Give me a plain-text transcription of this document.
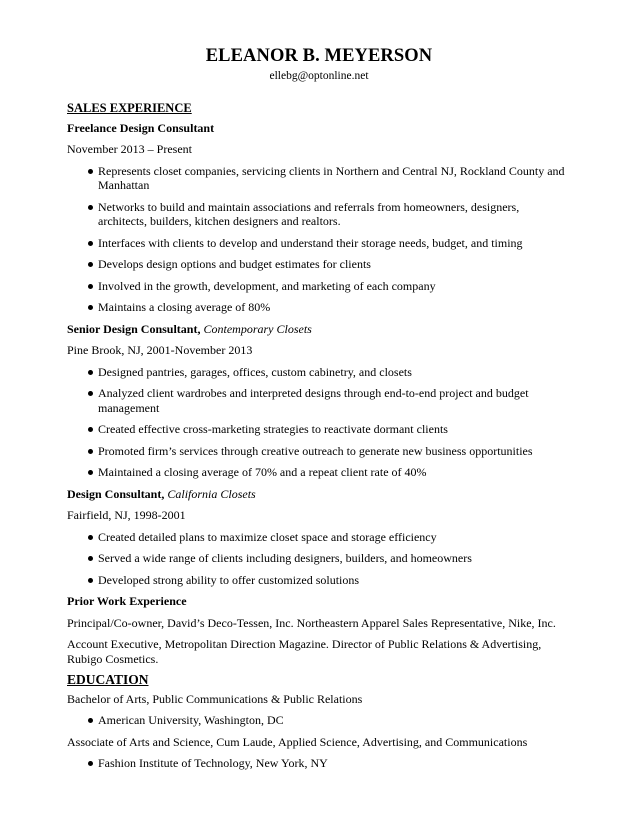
ELEANOR B. MEYERSON
ellebg@optonline.net
SALES EXPERIENCE
Freelance Design Consultant
November 2013 – Present
Represents closet companies, servicing clients in Northern and Central NJ, Rockland County and Manhattan
Networks to build and maintain associations and referrals from homeowners, designers, architects, builders, kitchen designers and realtors.
Interfaces with clients to develop and understand their storage needs, budget, and timing
Develops design options and budget estimates for clients
Involved in the growth, development, and marketing of each company
Maintains a closing average of 80%
Senior Design Consultant, Contemporary Closets
Pine Brook, NJ, 2001-November 2013
Designed pantries, garages, offices, custom cabinetry, and closets
Analyzed client wardrobes and interpreted designs through end-to-end project and budget management
Created effective cross-marketing strategies to reactivate dormant clients
Promoted firm’s services through creative outreach to generate new business opportunities
Maintained a closing average of 70% and a repeat client rate of 40%
Design Consultant, California Closets
Fairfield, NJ, 1998-2001
Created detailed plans to maximize closet space and storage efficiency
Served a wide range of clients including designers, builders, and homeowners
Developed strong ability to offer customized solutions
Prior Work Experience
Principal/Co-owner, David’s Deco-Tessen, Inc. Northeastern Apparel Sales Representative, Nike, Inc.
Account Executive, Metropolitan Direction Magazine. Director of Public Relations & Advertising, Rubigo Cosmetics.
EDUCATION
Bachelor of Arts, Public Communications & Public Relations
American University, Washington, DC
Associate of Arts and Science, Cum Laude, Applied Science, Advertising, and Communications
Fashion Institute of Technology, New York, NY
